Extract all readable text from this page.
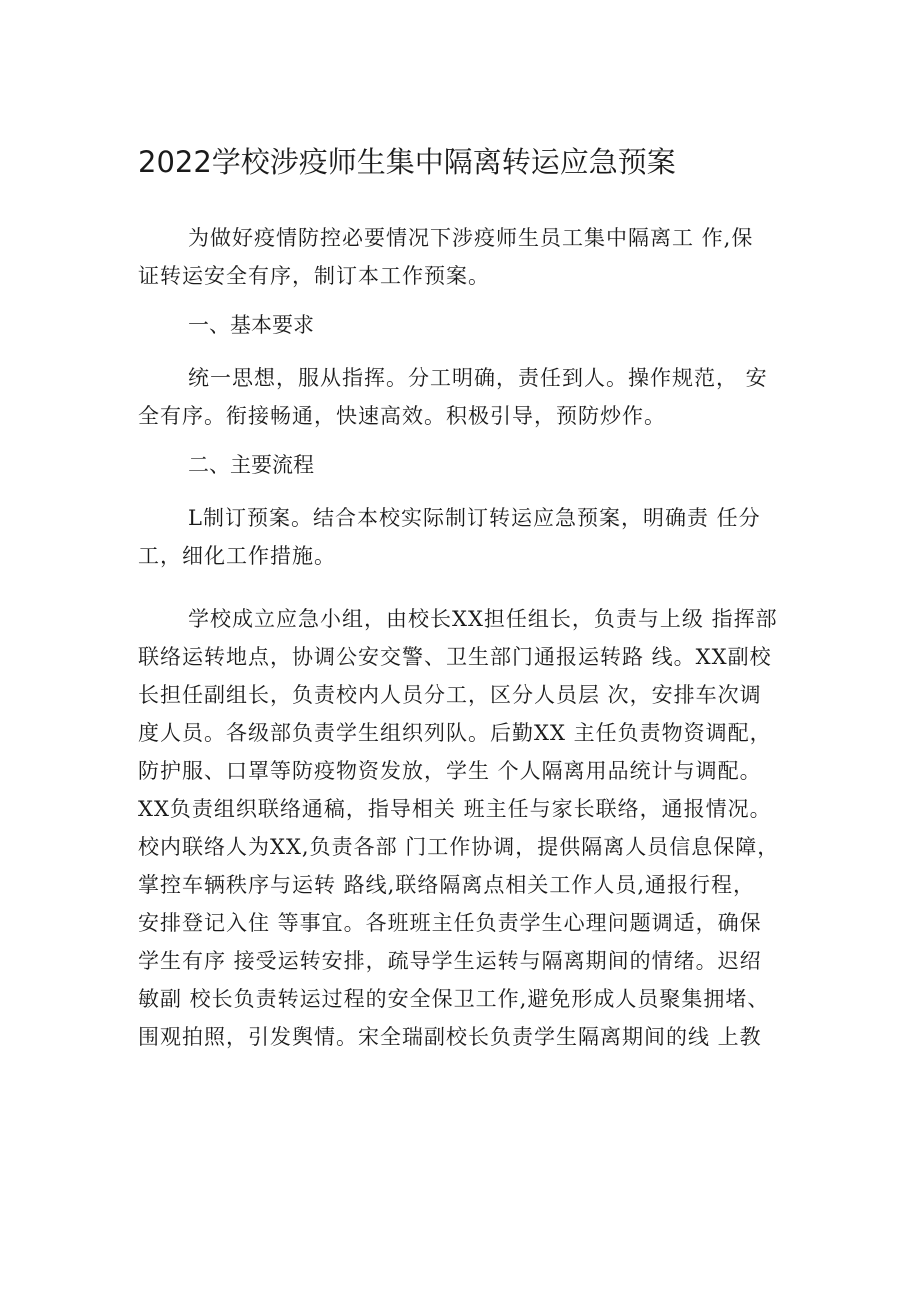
2022学校涉疫师生集中隔离转运应急预案
为做好疫情防控必要情况下涉疫师生员工集中隔离工 作,保
证转运安全有序，制订本工作预案。
一、基本要求
统一思想，服从指挥。分工明确，责任到人。操作规范， 安
全有序。衔接畅通，快速高效。积极引导，预防炒作。
二、主要流程
L制订预案。结合本校实际制订转运应急预案，明确责 任分
工，细化工作措施。
学校成立应急小组，由校长XX担任组长，负责与上级 指挥部
联络运转地点，协调公安交警、卫生部门通报运转路 线。XX副校
长担任副组长，负责校内人员分工，区分人员层 次，安排车次调
度人员。各级部负责学生组织列队。后勤XX 主任负责物资调配，
防护服、口罩等防疫物资发放，学生 个人隔离用品统计与调配。
XX负责组织联络通稿，指导相关 班主任与家长联络，通报情况。
校内联络人为XX,负责各部 门工作协调，提供隔离人员信息保障，
掌控车辆秩序与运转 路线,联络隔离点相关工作人员,通报行程，
安排登记入住 等事宜。各班班主任负责学生心理问题调适，确保
学生有序 接受运转安排，疏导学生运转与隔离期间的情绪。迟绍
敏副 校长负责转运过程的安全保卫工作,避免形成人员聚集拥堵、
围观拍照，引发舆情。宋全瑞副校长负责学生隔离期间的线 上教
